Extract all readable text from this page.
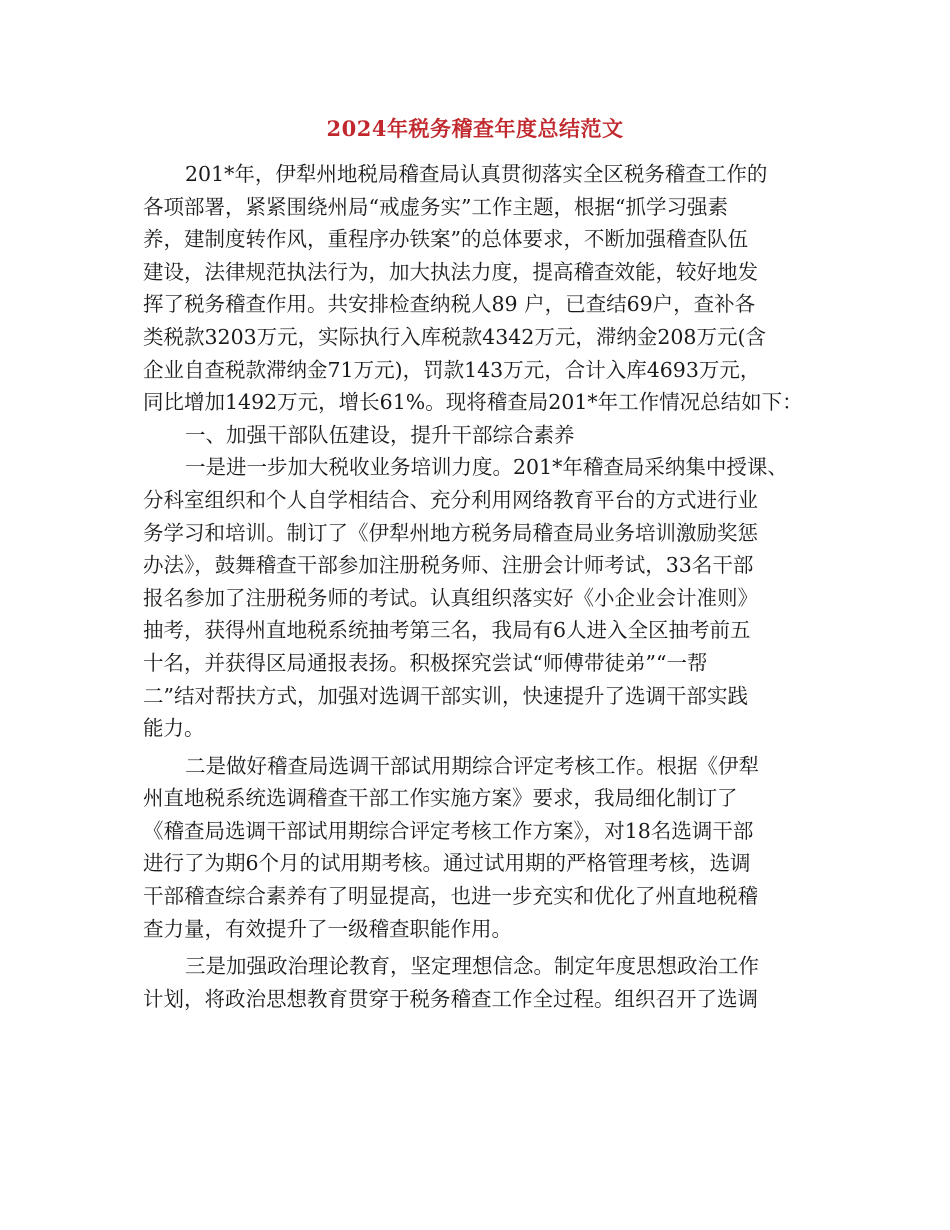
2024年税务稽查年度总结范文
201*年，伊犁州地税局稽查局认真贯彻落实全区税务稽查工作的
各项部署，紧紧围绕州局“戒虚务实”工作主题，根据“抓学习强素
养，建制度转作风，重程序办铁案”的总体要求，不断加强稽查队伍
建设，法律规范执法行为，加大执法力度，提高稽查效能，较好地发
挥了税务稽查作用。共安排检查纳税人89 户，已查结69户，查补各
类税款3203万元，实际执行入库税款4342万元，滞纳金208万元(含
企业自查税款滞纳金71万元)，罚款143万元，合计入库4693万元，
同比增加1492万元，增长61%。现将稽查局201*年工作情况总结如下：
一、加强干部队伍建设，提升干部综合素养
一是进一步加大税收业务培训力度。201*年稽查局采纳集中授课、
分科室组织和个人自学相结合、充分利用网络教育平台的方式进行业
务学习和培训。制订了《伊犁州地方税务局稽查局业务培训激励奖惩
办法》，鼓舞稽查干部参加注册税务师、注册会计师考试，33名干部
报名参加了注册税务师的考试。认真组织落实好《小企业会计准则》
抽考，获得州直地税系统抽考第三名，我局有6人进入全区抽考前五
十名，并获得区局通报表扬。积极探究尝试“师傅带徒弟”“一帮
二”结对帮扶方式，加强对选调干部实训，快速提升了选调干部实践
能力。
二是做好稽查局选调干部试用期综合评定考核工作。根据《伊犁
州直地税系统选调稽查干部工作实施方案》要求，我局细化制订了
《稽查局选调干部试用期综合评定考核工作方案》，对18名选调干部
进行了为期6个月的试用期考核。通过试用期的严格管理考核，选调
干部稽查综合素养有了明显提高，也进一步充实和优化了州直地税稽
查力量，有效提升了一级稽查职能作用。
三是加强政治理论教育，坚定理想信念。制定年度思想政治工作
计划，将政治思想教育贯穿于税务稽查工作全过程。组织召开了选调
